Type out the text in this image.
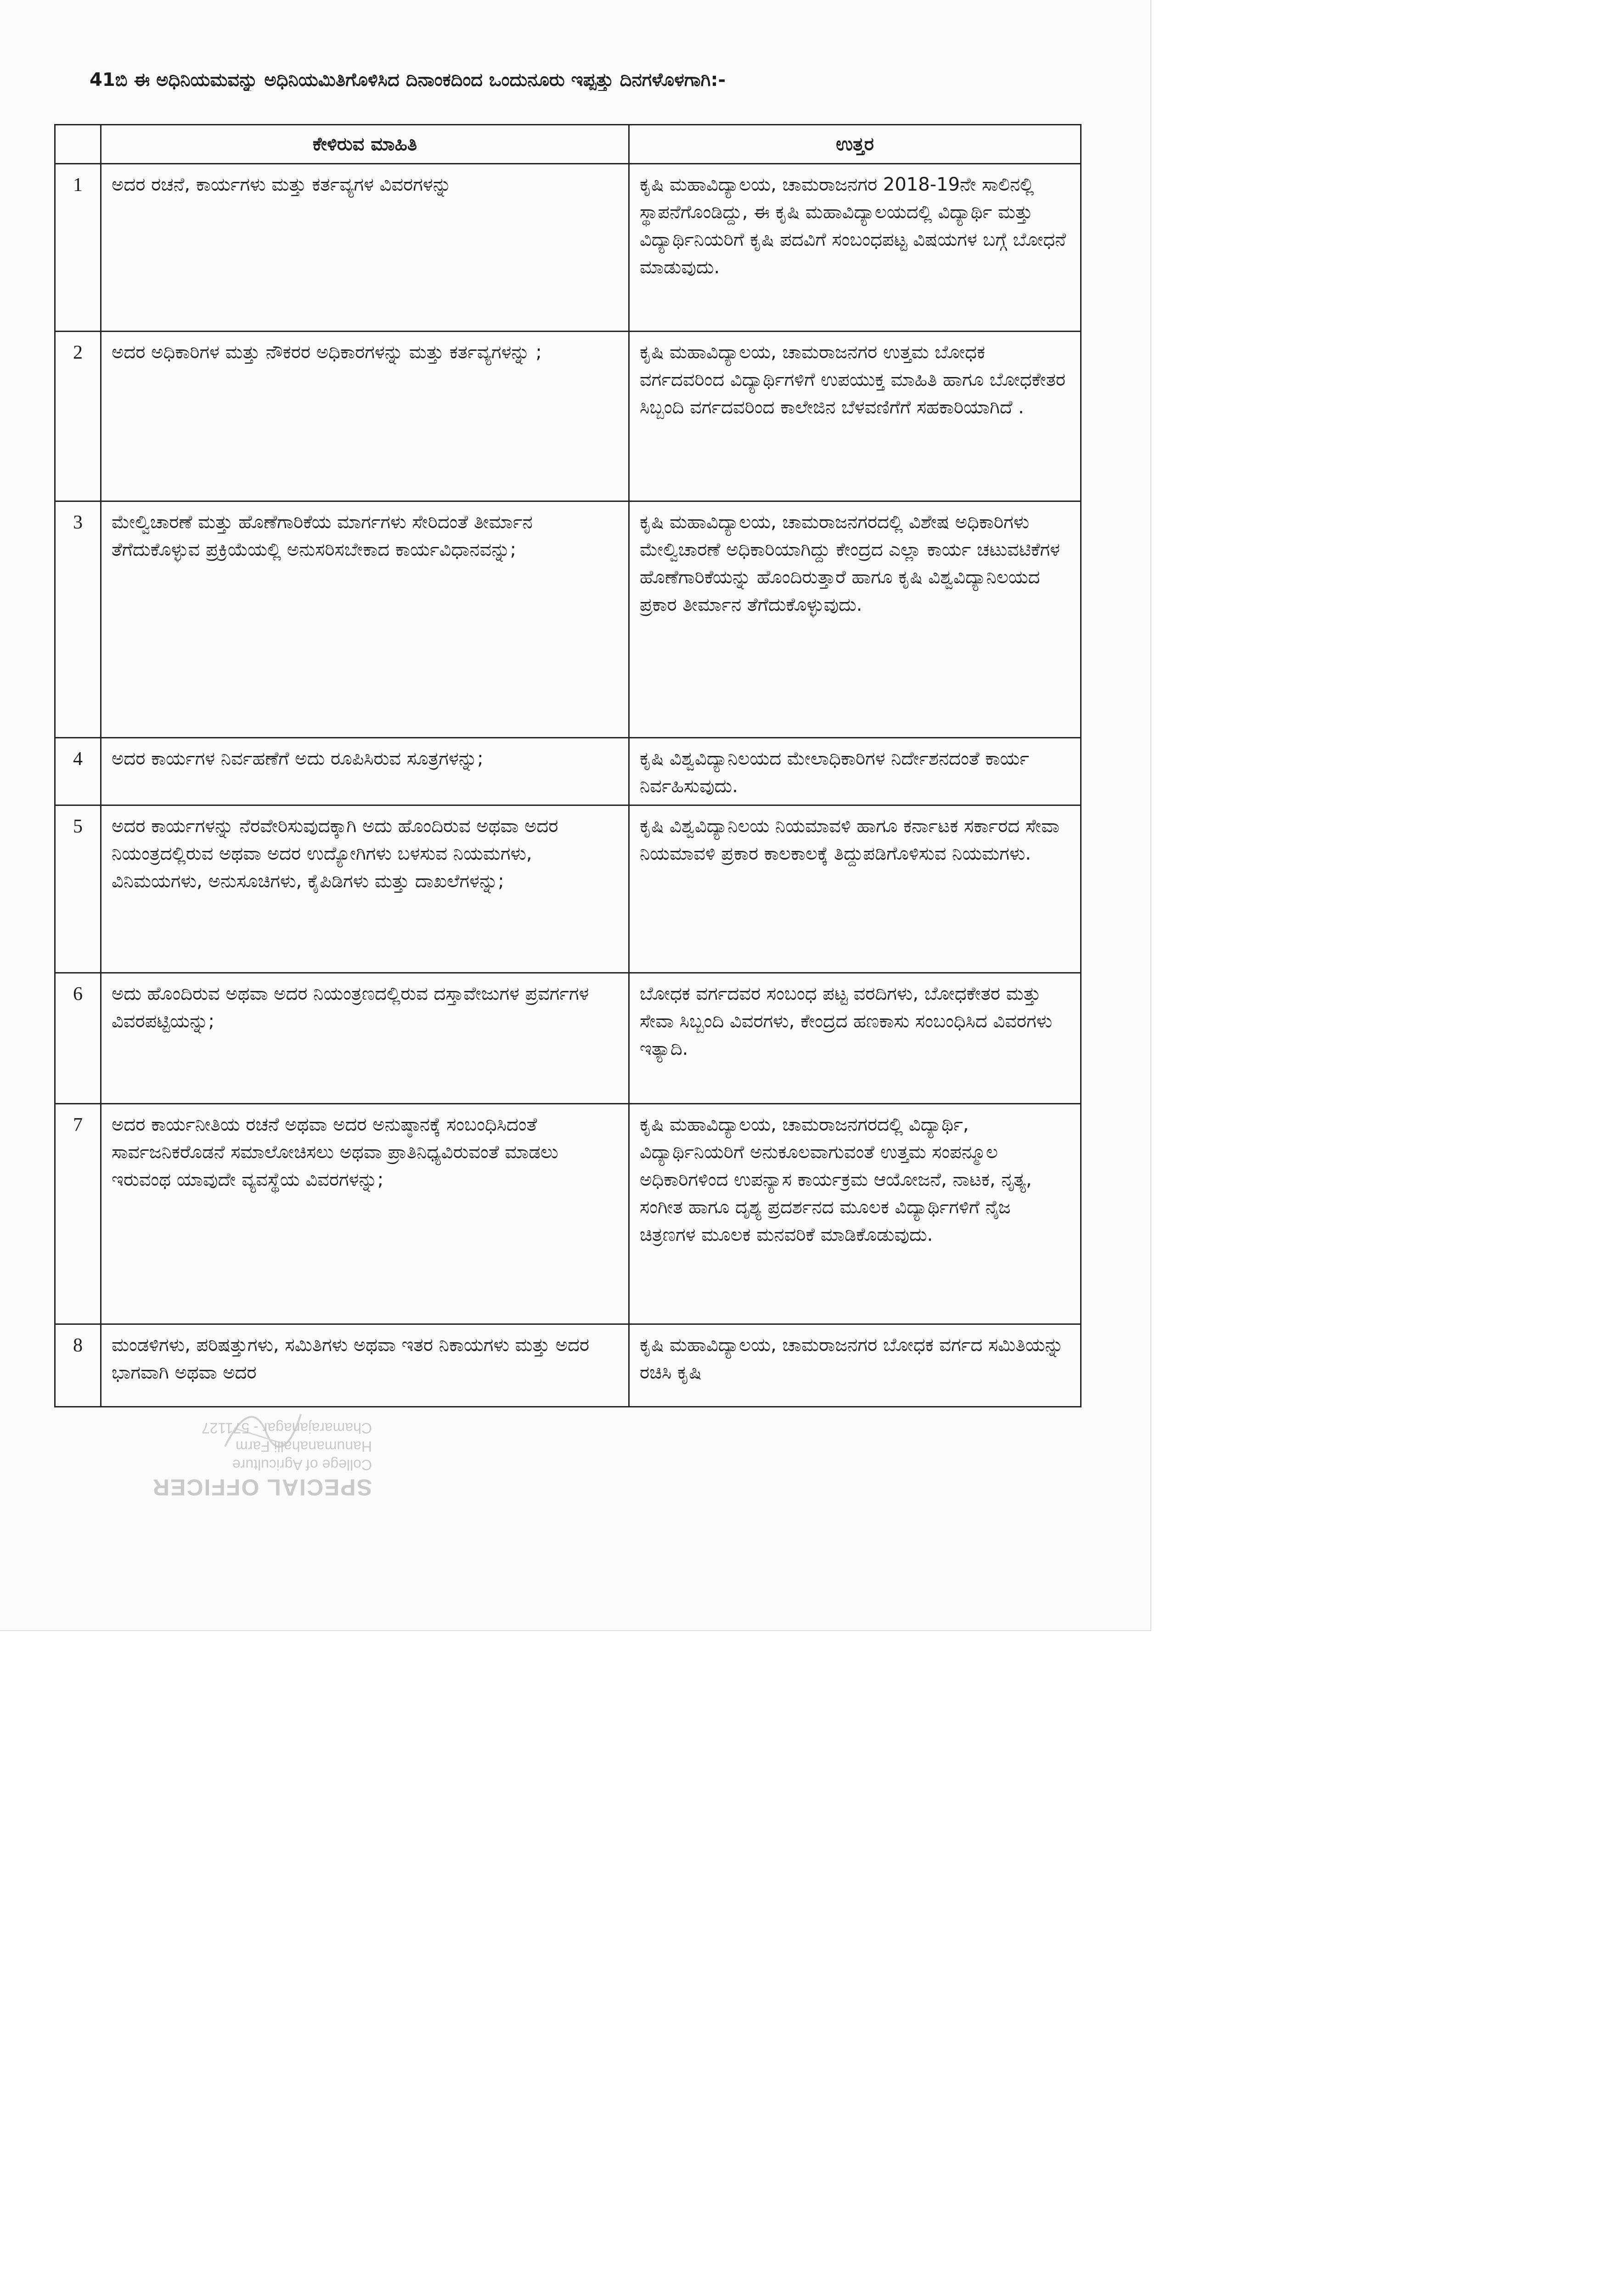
41ಬಿ ಈ ಅಧಿನಿಯಮವನ್ನು ಅಧಿನಿಯಮಿತಿಗೊಳಿಸಿದ ದಿನಾಂಕದಿಂದ ಒಂದುನೂರು ಇಪ್ಪತ್ತು ದಿನಗಳೊಳಗಾಗಿ:-
	ಕೇಳಿರುವ ಮಾಹಿತಿ	ಉತ್ತರ
1	ಅದರ ರಚನೆ, ಕಾರ್ಯಗಳು ಮತ್ತು ಕರ್ತವ್ಯಗಳ ವಿವರಗಳನ್ನು	ಕೃಷಿ ಮಹಾವಿದ್ಯಾಲಯ, ಚಾಮರಾಜನಗರ 2018-19ನೇ ಸಾಲಿನಲ್ಲಿ ಸ್ಥಾಪನೆಗೊಂಡಿದ್ದು, ಈ ಕೃಷಿ ಮಹಾವಿದ್ಯಾಲಯದಲ್ಲಿ ವಿದ್ಯಾರ್ಥಿ ಮತ್ತು ವಿದ್ಯಾರ್ಥಿನಿಯರಿಗೆ ಕೃಷಿ ಪದವಿಗೆ ಸಂಬಂಧಪಟ್ಟ ವಿಷಯಗಳ ಬಗ್ಗೆ ಬೋಧನೆ ಮಾಡುವುದು.
2	ಅದರ ಅಧಿಕಾರಿಗಳ ಮತ್ತು ನೌಕರರ ಅಧಿಕಾರಗಳನ್ನು ಮತ್ತು ಕರ್ತವ್ಯಗಳನ್ನು ;	ಕೃಷಿ ಮಹಾವಿದ್ಯಾಲಯ, ಚಾಮರಾಜನಗರ ಉತ್ತಮ ಬೋಧಕ ವರ್ಗದವರಿಂದ ವಿದ್ಯಾರ್ಥಿಗಳಿಗೆ ಉಪಯುಕ್ತ ಮಾಹಿತಿ ಹಾಗೂ ಬೋಧಕೇತರ ಸಿಬ್ಬಂದಿ ವರ್ಗದವರಿಂದ ಕಾಲೇಜಿನ ಬೆಳವಣಿಗೆಗೆ ಸಹಕಾರಿಯಾಗಿದೆ .
3	ಮೇಲ್ವಿಚಾರಣೆ ಮತ್ತು ಹೊಣೆಗಾರಿಕೆಯ ಮಾರ್ಗಗಳು ಸೇರಿದಂತೆ ತೀರ್ಮಾನ ತೆಗೆದುಕೊಳ್ಳುವ ಪ್ರಕ್ರಿಯೆಯಲ್ಲಿ ಅನುಸರಿಸಬೇಕಾದ ಕಾರ್ಯವಿಧಾನವನ್ನು;	ಕೃಷಿ ಮಹಾವಿದ್ಯಾಲಯ, ಚಾಮರಾಜನಗರದಲ್ಲಿ ವಿಶೇಷ ಅಧಿಕಾರಿಗಳು ಮೇಲ್ವಿಚಾರಣೆ ಅಧಿಕಾರಿಯಾಗಿದ್ದು ಕೇಂದ್ರದ ಎಲ್ಲಾ ಕಾರ್ಯ ಚಟುವಟಿಕೆಗಳ ಹೊಣೆಗಾರಿಕೆಯನ್ನು ಹೊಂದಿರುತ್ತಾರೆ ಹಾಗೂ ಕೃಷಿ ವಿಶ್ವವಿದ್ಯಾನಿಲಯದ ಪ್ರಕಾರ ತೀರ್ಮಾನ ತೆಗೆದುಕೊಳ್ಳುವುದು.
4	ಅದರ ಕಾರ್ಯಗಳ ನಿರ್ವಹಣೆಗೆ ಅದು ರೂಪಿಸಿರುವ ಸೂತ್ರಗಳನ್ನು;	ಕೃಷಿ ವಿಶ್ವವಿದ್ಯಾನಿಲಯದ ಮೇಲಾಧಿಕಾರಿಗಳ ನಿರ್ದೇಶನದಂತೆ ಕಾರ್ಯ ನಿರ್ವಹಿಸುವುದು.
5	ಅದರ ಕಾರ್ಯಗಳನ್ನು ನೆರವೇರಿಸುವುದಕ್ಕಾಗಿ ಅದು ಹೊಂದಿರುವ ಅಥವಾ ಅದರ ನಿಯಂತ್ರದಲ್ಲಿರುವ ಅಥವಾ ಅದರ ಉದ್ಯೋಗಿಗಳು ಬಳಸುವ ನಿಯಮಗಳು, ವಿನಿಮಯಗಳು, ಅನುಸೂಚಿಗಳು, ಕೈಪಿಡಿಗಳು ಮತ್ತು ದಾಖಲೆಗಳನ್ನು;	ಕೃಷಿ ವಿಶ್ವವಿದ್ಯಾನಿಲಯ ನಿಯಮಾವಳಿ ಹಾಗೂ ಕರ್ನಾಟಕ ಸರ್ಕಾರದ ಸೇವಾ ನಿಯಮಾವಳಿ ಪ್ರಕಾರ ಕಾಲಕಾಲಕ್ಕೆ ತಿದ್ದುಪಡಿಗೊಳಿಸುವ ನಿಯಮಗಳು.
6	ಅದು ಹೊಂದಿರುವ ಅಥವಾ ಅದರ ನಿಯಂತ್ರಣದಲ್ಲಿರುವ ದಸ್ತಾವೇಜುಗಳ ಪ್ರವರ್ಗಗಳ ವಿವರಪಟ್ಟಿಯನ್ನು;	ಬೋಧಕ ವರ್ಗದವರ ಸಂಬಂಧ ಪಟ್ಟ ವರದಿಗಳು, ಬೋಧಕೇತರ ಮತ್ತು ಸೇವಾ ಸಿಬ್ಬಂದಿ ವಿವರಗಳು, ಕೇಂದ್ರದ ಹಣಕಾಸು ಸಂಬಂಧಿಸಿದ ವಿವರಗಳು ಇತ್ಯಾದಿ.
7	ಅದರ ಕಾರ್ಯನೀತಿಯ ರಚನೆ ಅಥವಾ ಅದರ ಅನುಷ್ಠಾನಕ್ಕೆ ಸಂಬಂಧಿಸಿದಂತೆ ಸಾರ್ವಜನಿಕರೊಡನೆ ಸಮಾಲೋಚಿಸಲು ಅಥವಾ ಪ್ರಾತಿನಿಧ್ಯವಿರುವಂತೆ ಮಾಡಲು ಇರುವಂಥ ಯಾವುದೇ ವ್ಯವಸ್ಥೆಯ ವಿವರಗಳನ್ನು;	ಕೃಷಿ ಮಹಾವಿದ್ಯಾಲಯ, ಚಾಮರಾಜನಗರದಲ್ಲಿ ವಿದ್ಯಾರ್ಥಿ, ವಿದ್ಯಾರ್ಥಿನಿಯರಿಗೆ ಅನುಕೂಲವಾಗುವಂತೆ ಉತ್ತಮ ಸಂಪನ್ಮೂಲ ಅಧಿಕಾರಿಗಳಿಂದ ಉಪನ್ಯಾಸ ಕಾರ್ಯಕ್ರಮ ಆಯೋಜನೆ, ನಾಟಕ, ನೃತ್ಯ, ಸಂಗೀತ ಹಾಗೂ ದೃಶ್ಯ ಪ್ರದರ್ಶನದ ಮೂಲಕ ವಿದ್ಯಾರ್ಥಿಗಳಿಗೆ ನೈಜ ಚಿತ್ರಣಗಳ ಮೂಲಕ ಮನವರಿಕೆ ಮಾಡಿಕೊಡುವುದು.
8	ಮಂಡಳಿಗಳು, ಪರಿಷತ್ತುಗಳು, ಸಮಿತಿಗಳು ಅಥವಾ ಇತರ ನಿಕಾಯಗಳು ಮತ್ತು ಅದರ ಭಾಗವಾಗಿ ಅಥವಾ ಅದರ	ಕೃಷಿ ಮಹಾವಿದ್ಯಾಲಯ, ಚಾಮರಾಜನಗರ ಬೋಧಕ ವರ್ಗದ ಸಮಿತಿಯನ್ನು ರಚಿಸಿ ಕೃಷಿ
SPECIAL OFFICER
College of Agriculture
Hanumanahalli Farm
Chamarajanagar - 571127
